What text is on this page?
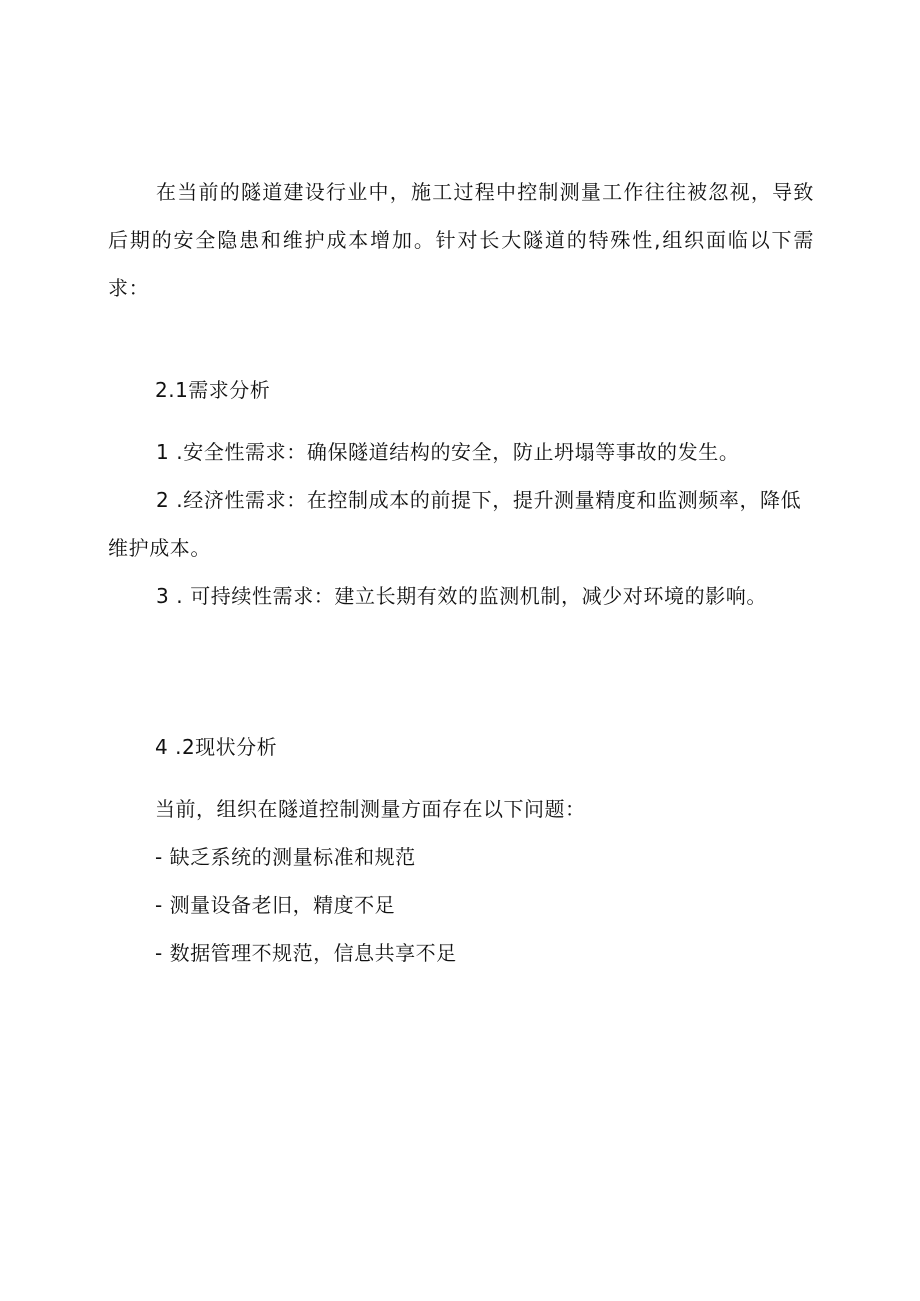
在当前的隧道建设行业中，施工过程中控制测量工作往往被忽视，导致后期的安全隐患和维护成本增加。针对长大隧道的特殊性,组织面临以下需求：
2.1需求分析
1 .安全性需求：确保隧道结构的安全，防止坍塌等事故的发生。
2 .经济性需求：在控制成本的前提下，提升测量精度和监测频率，降低维护成本。
3 . 可持续性需求：建立长期有效的监测机制，减少对环境的影响。
4 .2现状分析
当前，组织在隧道控制测量方面存在以下问题：
- 缺乏系统的测量标准和规范
- 测量设备老旧，精度不足
- 数据管理不规范，信息共享不足
